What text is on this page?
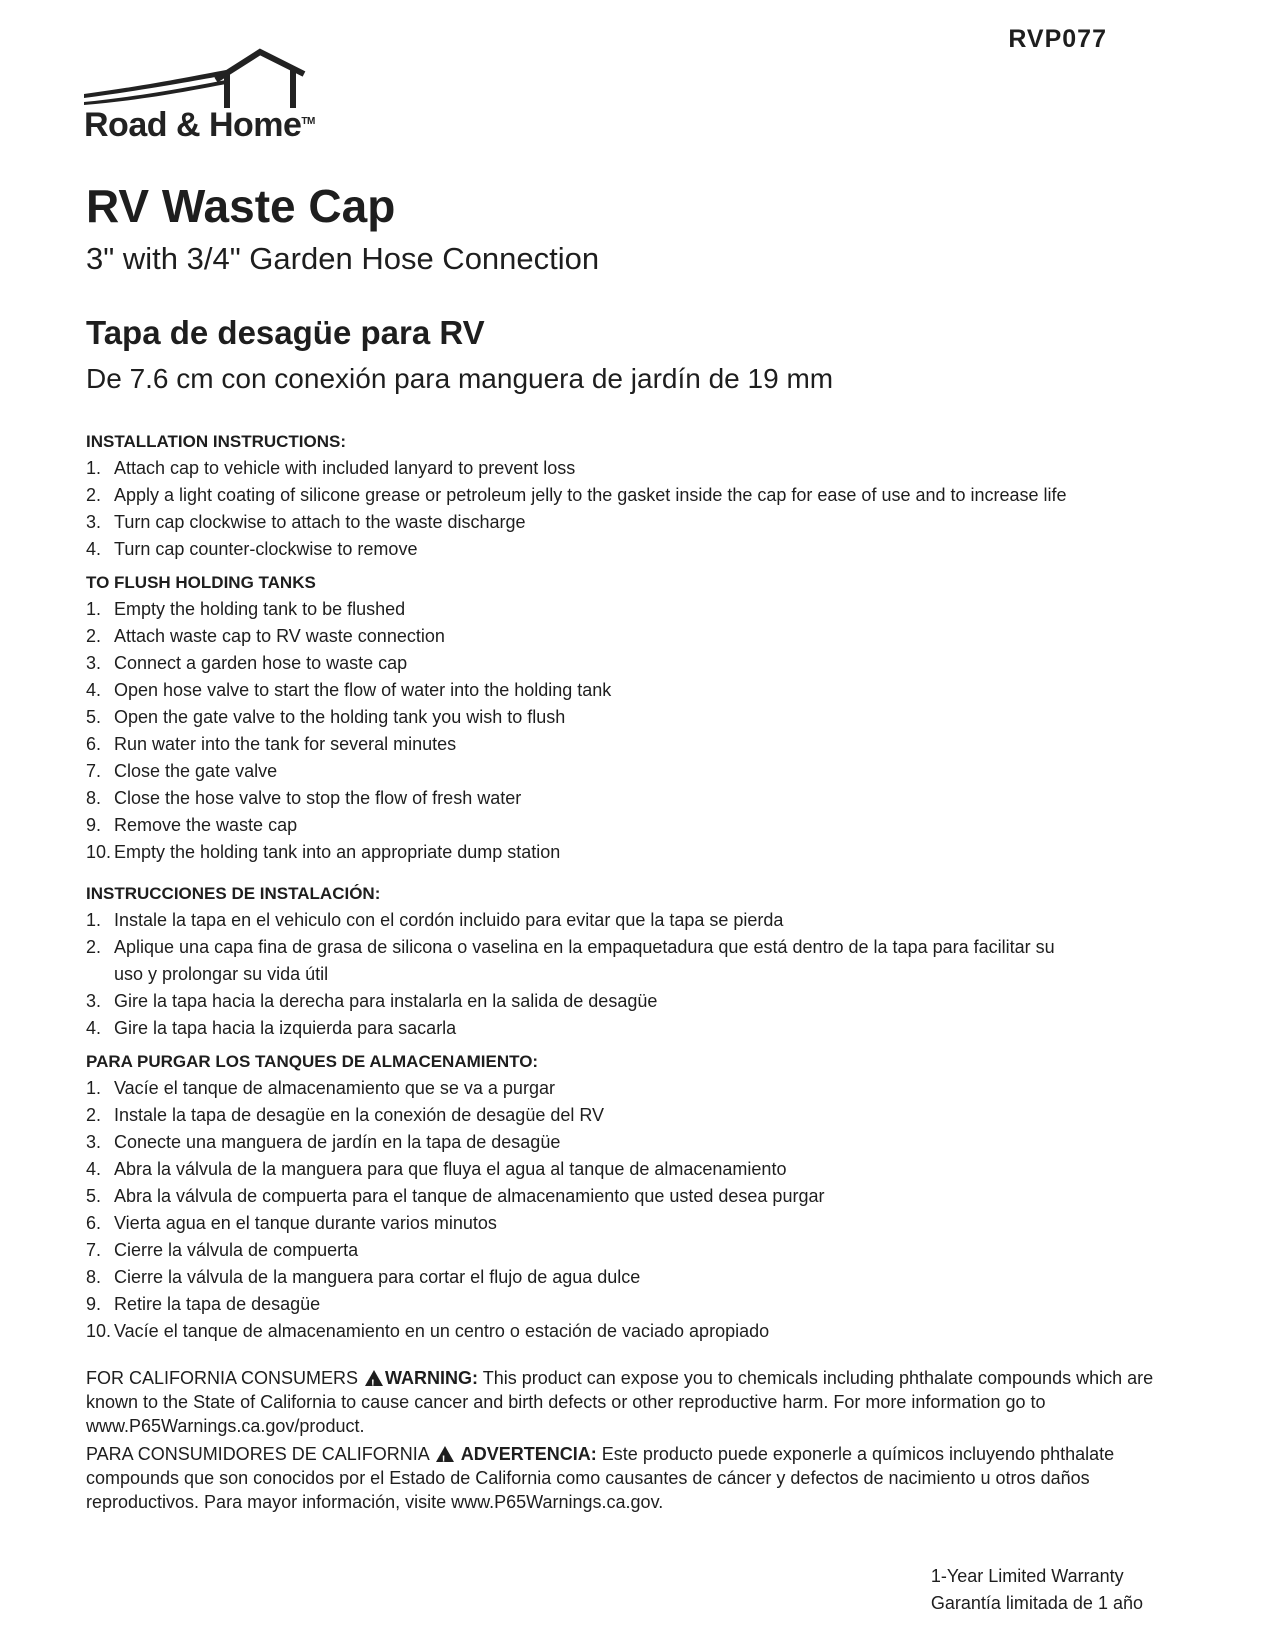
RVP077
Road & Home™
RV Waste Cap

3" with 3/4" Garden Hose Connection

Tapa de desagüe para RV

De 7.6 cm con conexión para manguera de jardín de 19 mm

INSTALLATION INSTRUCTIONS:

1. Attach cap to vehicle with included lanyard to prevent loss
2. Apply a light coating of silicone grease or petroleum jelly to the gasket inside the cap for ease of use and to increase life
3. Turn cap clockwise to attach to the waste discharge
4. Turn cap counter-clockwise to remove

TO FLUSH HOLDING TANKS

1. Empty the holding tank to be flushed
2. Attach waste cap to RV waste connection
3. Connect a garden hose to waste cap
4. Open hose valve to start the flow of water into the holding tank
5. Open the gate valve to the holding tank you wish to flush
6. Run water into the tank for several minutes
7. Close the gate valve
8. Close the hose valve to stop the flow of fresh water
9. Remove the waste cap
10. Empty the holding tank into an appropriate dump station

INSTRUCCIONES DE INSTALACIÓN:

1. Instale la tapa en el vehiculo con el cordón incluido para evitar que la tapa se pierda
2. Aplique una capa fina de grasa de silicona o vaselina en la empaquetadura que está dentro de la tapa para facilitar su uso y prolongar su vida útil
3. Gire la tapa hacia la derecha para instalarla en la salida de desagüe
4. Gire la tapa hacia la izquierda para sacarla

PARA PURGAR LOS TANQUES DE ALMACENAMIENTO:

1. Vacíe el tanque de almacenamiento que se va a purgar
2. Instale la tapa de desagüe en la conexión de desagüe del RV
3. Conecte una manguera de jardín en la tapa de desagüe
4. Abra la válvula de la manguera para que fluya el agua al tanque de almacenamiento
5. Abra la válvula de compuerta para el tanque de almacenamiento que usted desea purgar
6. Vierta agua en el tanque durante varios minutos
7. Cierre la válvula de compuerta
8. Cierre la válvula de la manguera para cortar el flujo de agua dulce
9. Retire la tapa de desagüe
10. Vacíe el tanque de almacenamiento en un centro o estación de vaciado apropiado

FOR CALIFORNIA CONSUMERS ! WARNING: This product can expose you to chemicals including phthalate compounds which are known to the State of California to cause cancer and birth defects or other reproductive harm. For more information go to www.P65Warnings.ca.gov/product.

PARA CONSUMIDORES DE CALIFORNIA ! ADVERTENCIA: Este producto puede exponerle a químicos incluyendo phthalate compounds que son conocidos por el Estado de California como causantes de cáncer y defectos de nacimiento u otros daños reproductivos. Para mayor información, visite www.P65Warnings.ca.gov.

1-Year Limited Warranty
Garantía limitada de 1 año
